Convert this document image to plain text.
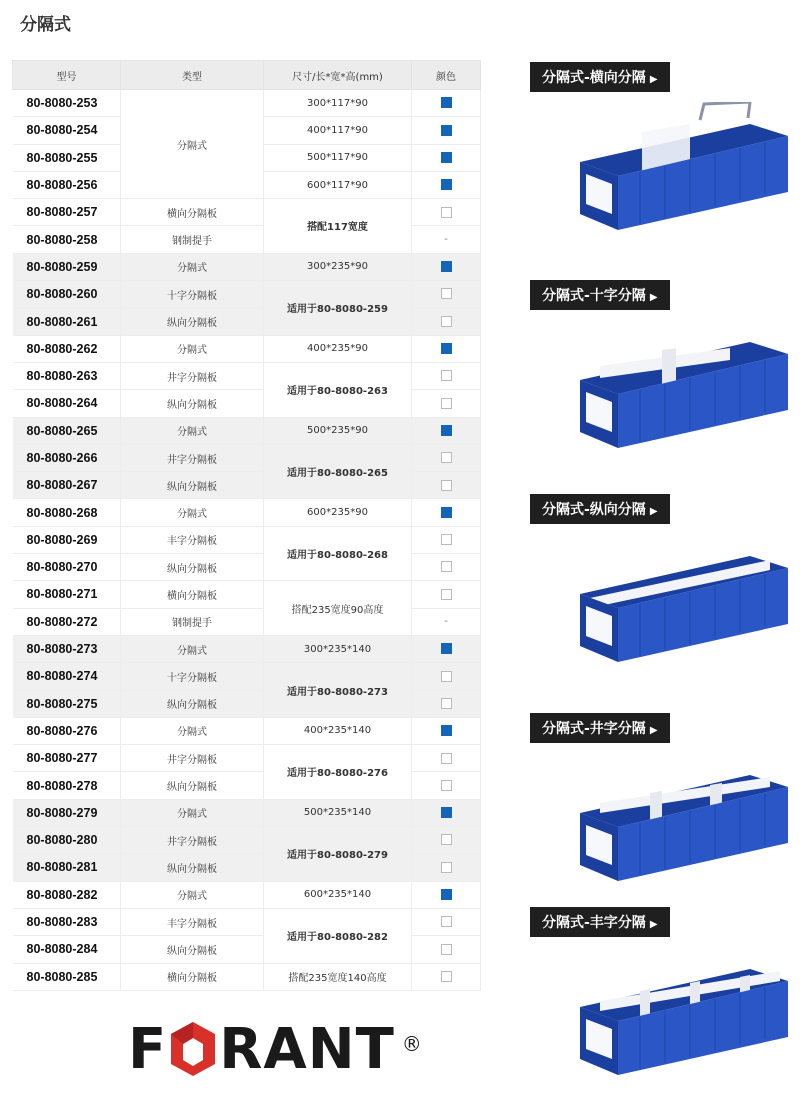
分隔式
型号	类型	尺寸/长*宽*高(mm)	颜色
80-8080-253	分隔式	300*117*90	
80-8080-254		400*117*90	
80-8080-255		500*117*90	
80-8080-256		600*117*90	
80-8080-257	横向分隔板	搭配117宽度	
80-8080-258	钢制提手		-
80-8080-259	分隔式	300*235*90	
80-8080-260	十字分隔板	适用于80-8080-259	
80-8080-261	纵向分隔板		
80-8080-262	分隔式	400*235*90	
80-8080-263	井字分隔板	适用于80-8080-263	
80-8080-264	纵向分隔板		
80-8080-265	分隔式	500*235*90	
80-8080-266	井字分隔板	适用于80-8080-265	
80-8080-267	纵向分隔板		
80-8080-268	分隔式	600*235*90	
80-8080-269	丰字分隔板	适用于80-8080-268	
80-8080-270	纵向分隔板		
80-8080-271	横向分隔板	搭配235宽度90高度	
80-8080-272	钢制提手		-
80-8080-273	分隔式	300*235*140	
80-8080-274	十字分隔板	适用于80-8080-273	
80-8080-275	纵向分隔板		
80-8080-276	分隔式	400*235*140	
80-8080-277	井字分隔板	适用于80-8080-276	
80-8080-278	纵向分隔板		
80-8080-279	分隔式	500*235*140	
80-8080-280	井字分隔板	适用于80-8080-279	
80-8080-281	纵向分隔板		
80-8080-282	分隔式	600*235*140	
80-8080-283	丰字分隔板	适用于80-8080-282	
80-8080-284	纵向分隔板		
80-8080-285	横向分隔板	搭配235宽度140高度	
分隔式-横向分隔 ▶
分隔式-十字分隔 ▶
分隔式-纵向分隔 ▶
分隔式-井字分隔 ▶
分隔式-丰字分隔 ▶
F RANT ®
